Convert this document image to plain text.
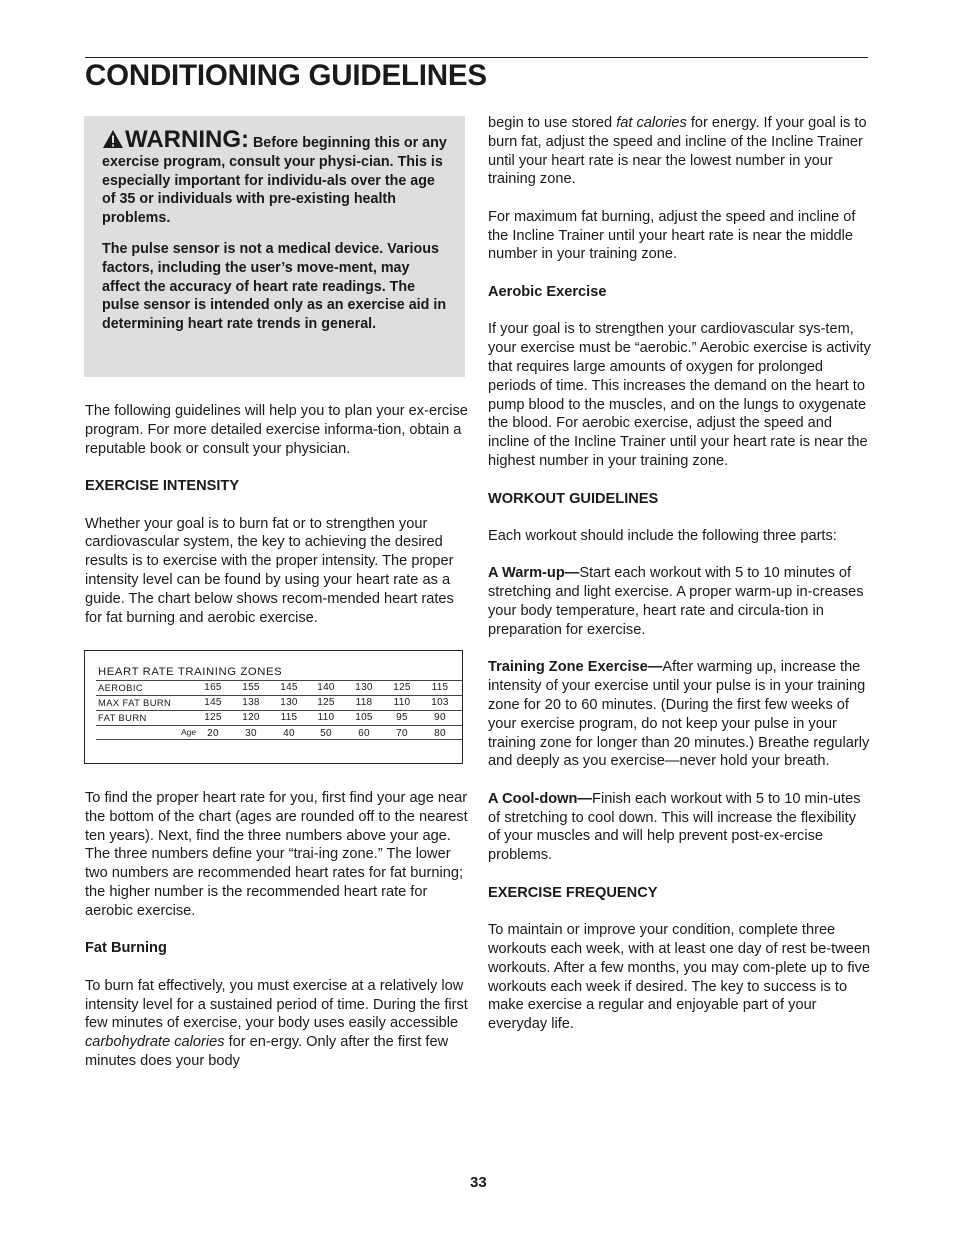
CONDITIONING GUIDELINES

WARNING: Before beginning this or any exercise program, consult your physi-cian. This is especially important for individu-als over the age of 35 or individuals with pre-existing health problems.

The pulse sensor is not a medical device. Various factors, including the user’s move-ment, may affect the accuracy of heart rate readings. The pulse sensor is intended only as an exercise aid in determining heart rate trends in general.

The following guidelines will help you to plan your ex-ercise program. For more detailed exercise informa-tion, obtain a reputable book or consult your physician.

EXERCISE INTENSITY

Whether your goal is to burn fat or to strengthen your cardiovascular system, the key to achieving the desired results is to exercise with the proper intensity. The proper intensity level can be found by using your heart rate as a guide. The chart below shows recom-mended heart rates for fat burning and aerobic exercise.

HEART RATE TRAINING ZONES
AEROBIC	165	155	145	140	130	125	115
MAX FAT BURN	145	138	130	125	118	110	103
FAT BURN	125	120	115	110	105	95	90
Age	20	30	40	50	60	70	80

To find the proper heart rate for you, first find your age near the bottom of the chart (ages are rounded off to the nearest ten years). Next, find the three numbers above your age. The three numbers define your “trai-ing zone.” The lower two numbers are recommended heart rates for fat burning; the higher number is the recommended heart rate for aerobic exercise.

Fat Burning

To burn fat effectively, you must exercise at a relatively low intensity level for a sustained period of time. During the first few minutes of exercise, your body uses easily accessible carbohydrate calories for en-ergy. Only after the first few minutes does your body

begin to use stored fat calories for energy. If your goal is to burn fat, adjust the speed and incline of the Incline Trainer until your heart rate is near the lowest number in your training zone.

For maximum fat burning, adjust the speed and incline of the Incline Trainer until your heart rate is near the middle number in your training zone.

Aerobic Exercise

If your goal is to strengthen your cardiovascular sys-tem, your exercise must be “aerobic.” Aerobic exercise is activity that requires large amounts of oxygen for prolonged periods of time. This increases the demand on the heart to pump blood to the muscles, and on the lungs to oxygenate the blood. For aerobic exercise, adjust the speed and incline of the Incline Trainer until your heart rate is near the highest number in your training zone.

WORKOUT GUIDELINES

Each workout should include the following three parts:

A Warm-up—Start each workout with 5 to 10 minutes of stretching and light exercise. A proper warm-up in-creases your body temperature, heart rate and circula-tion in preparation for exercise.

Training Zone Exercise—After warming up, increase the intensity of your exercise until your pulse is in your training zone for 20 to 60 minutes. (During the first few weeks of your exercise program, do not keep your pulse in your training zone for longer than 20 minutes.) Breathe regularly and deeply as you exercise—never hold your breath.

A Cool-down—Finish each workout with 5 to 10 min-utes of stretching to cool down. This will increase the flexibility of your muscles and will help prevent post-ex-ercise problems.

EXERCISE FREQUENCY

To maintain or improve your condition, complete three workouts each week, with at least one day of rest be-tween workouts. After a few months, you may com-plete up to five workouts each week if desired. The key to success is to make exercise a regular and enjoyable part of your everyday life.

33
